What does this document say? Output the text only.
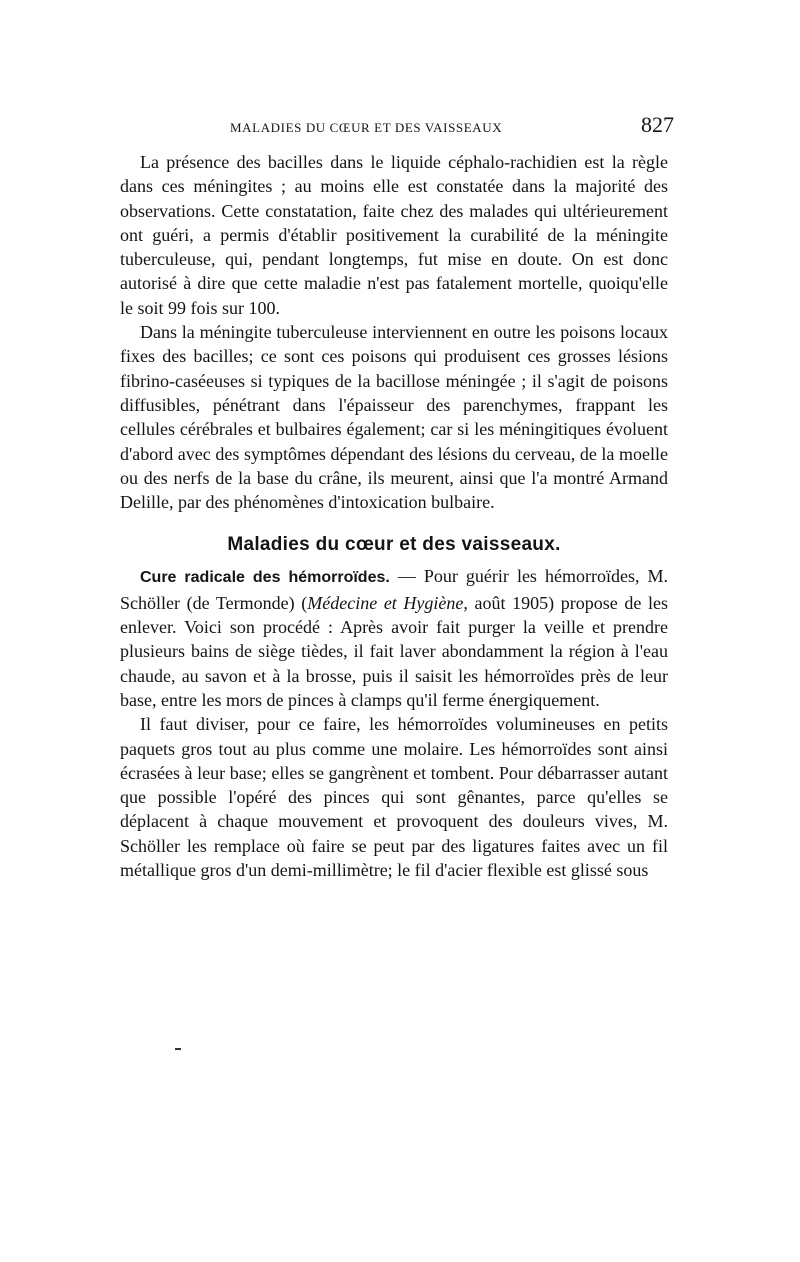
MALADIES DU CŒUR ET DES VAISSEAUX	827

La présence des bacilles dans le liquide céphalo-rachidien est la règle dans ces méningites ; au moins elle est constatée dans la majorité des observations. Cette constatation, faite chez des malades qui ultérieurement ont guéri, a permis d'établir positivement la curabilité de la méningite tuberculeuse, qui, pendant longtemps, fut mise en doute. On est donc autorisé à dire que cette maladie n'est pas fatalement mortelle, quoiqu'elle le soit 99 fois sur 100.

Dans la méningite tuberculeuse interviennent en outre les poisons locaux fixes des bacilles; ce sont ces poisons qui produisent ces grosses lésions fibrino-caséeuses si typiques de la bacillose méningée ; il s'agit de poisons diffusibles, pénétrant dans l'épaisseur des parenchymes, frappant les cellules cérébrales et bulbaires également; car si les méningitiques évoluent d'abord avec des symptômes dépendant des lésions du cerveau, de la moelle ou des nerfs de la base du crâne, ils meurent, ainsi que l'a montré Armand Delille, par des phénomènes d'intoxication bulbaire.

Maladies du cœur et des vaisseaux.

Cure radicale des hémorroïdes. — Pour guérir les hémorroïdes, M. Schöller (de Termonde) (Médecine et Hygiène, août 1905) propose de les enlever. Voici son procédé : Après avoir fait purger la veille et prendre plusieurs bains de siège tièdes, il fait laver abondamment la région à l'eau chaude, au savon et à la brosse, puis il saisit les hémorroïdes près de leur base, entre les mors de pinces à clamps qu'il ferme énergiquement.

Il faut diviser, pour ce faire, les hémorroïdes volumineuses en petits paquets gros tout au plus comme une molaire. Les hémorroïdes sont ainsi écrasées à leur base; elles se gangrènent et tombent. Pour débarrasser autant que possible l'opéré des pinces qui sont gênantes, parce qu'elles se déplacent à chaque mouvement et provoquent des douleurs vives, M. Schöller les remplace où faire se peut par des ligatures faites avec un fil métallique gros d'un demi-millimètre; le fil d'acier flexible est glissé sous
